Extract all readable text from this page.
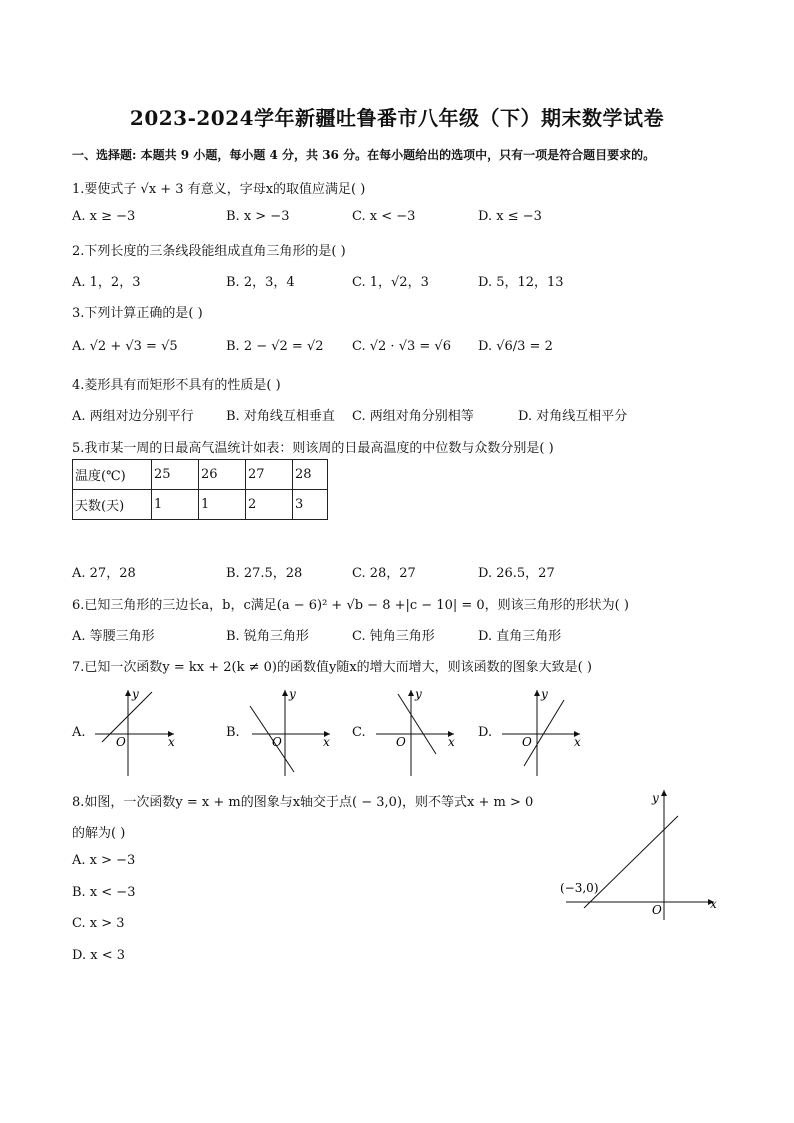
2023-2024学年新疆吐鲁番市八年级（下）期末数学试卷
一、选择题: 本题共 9 小题，每小题 4 分，共 36 分。在每小题给出的选项中，只有一项是符合题目要求的。
1.要使式子 √x + 3 有意义，字母x的取值应满足( )
A. x ≥ −3	B. x > −3	C. x < −3	D. x ≤ −3
2.下列长度的三条线段能组成直角三角形的是( )
A. 1，2，3	B. 2，3，4	C. 1，√2，3	D. 5，12，13
3.下列计算正确的是( )
A. √2 + √3 = √5	B. 2 − √2 = √2 C. √2 · √3 = √6 D. √6/3 = 2
4.菱形具有而矩形不具有的性质是( )
A. 两组对边分别平行 B. 对角线互相垂直 C. 两组对角分别相等	D. 对角线互相平分
5.我市某一周的日最高气温统计如表：则该周的日最高温度的中位数与众数分别是( )
温度(℃)	25	26	27	28
天数(天)	1	1	2	3
A. 27，28	B. 27.5，28	C. 28，27	D. 26.5，27
6.已知三角形的三边长a，b，c满足(a − 6)² + √b − 8 +|c − 10| = 0，则该三角形的形状为( )
A. 等腰三角形	B. 锐角三角形	C. 钝角三角形	D. 直角三角形
7.已知一次函数y = kx + 2(k ≠ 0)的函数值y随x的增大而增大，则该函数的图象大致是( )
A.
x
y
O
B.
x
y
O
C.
x
y
O
D.
x
y
O
8.如图，一次函数y = x + m的图象与x轴交于点( − 3,0)，则不等式x + m > 0
的解为( )
A. x > −3
B. x < −3
C. x > 3
D. x < 3
x
y
O
(−3,0)
